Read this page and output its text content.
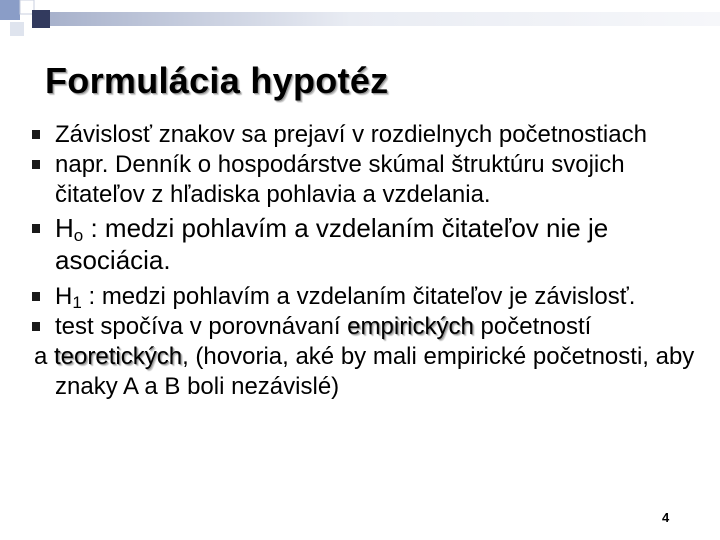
Formulácia hypotéz
Závislosť znakov sa prejaví v rozdielnych početnostiach
napr. Denník o hospodárstve skúmal štruktúru svojich čitateľov z hľadiska pohlavia a vzdelania.
$H_o$ : medzi pohlavím a vzdelaním čitateľov nie je asociácia.
$H_1$ : medzi pohlavím a vzdelaním čitateľov je závislosť.
test spočíva v porovnávaní empirických početností
a teoretických, (hovoria, aké by mali empirické početnosti, aby znaky A a B boli nezávislé)
4
